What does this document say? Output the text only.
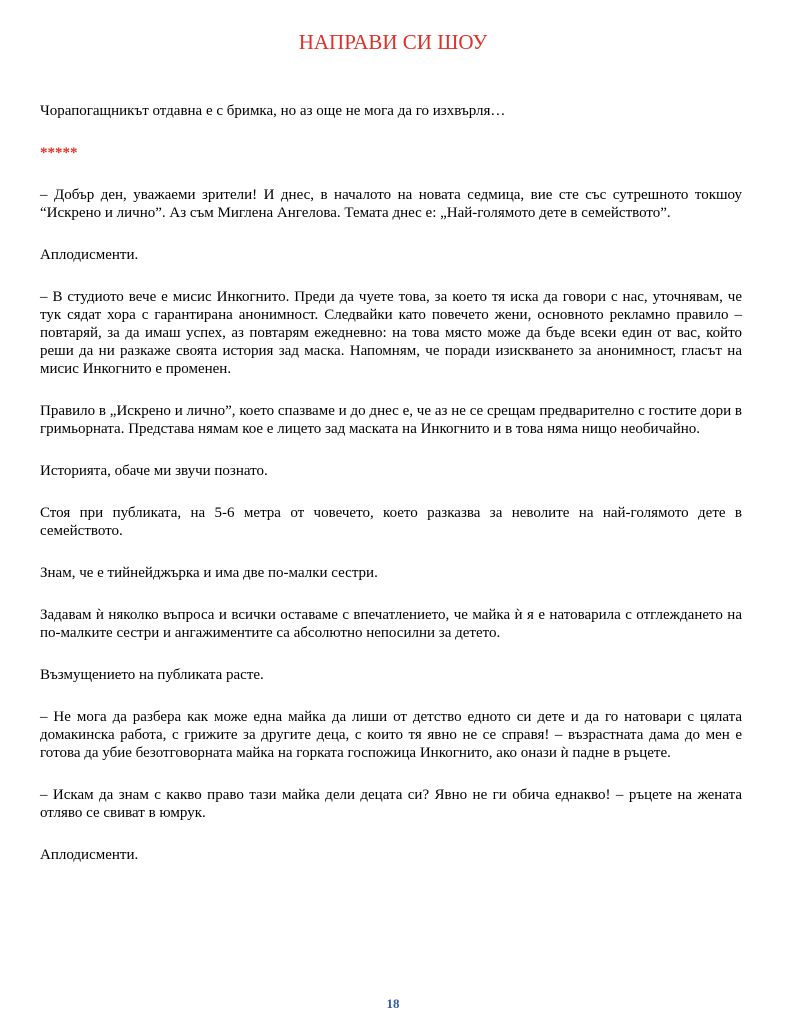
НАПРАВИ СИ ШОУ

Чорапогащникът отдавна е с бримка, но аз още не мога да го изхвърля…

*****

– Добър ден, уважаеми зрители! И днес, в началото на новата седмица, вие сте със сутрешното токшоу “Искрено и лично”. Аз съм Миглена Ангелова. Темата днес е: „Най-голямото дете в семейството”.

Аплодисменти.

– В студиото вече е мисис Инкогнито. Преди да чуете това, за което тя иска да говори с нас, уточнявам, че тук сядат хора с гарантирана анонимност. Следвайки като повечето жени, основното рекламно правило – повтаряй, за да имаш успех, аз повтарям ежедневно: на това място може да бъде всеки един от вас, който реши да ни разкаже своята история зад маска. Напомням, че поради изискването за анонимност, гласът на мисис Инкогнито е променен.

Правило в „Искрено и лично”, което спазваме и до днес е, че аз не се срещам предварително с гостите дори в гримьорната. Представа нямам кое е лицето зад маската на Инкогнито и в това няма нищо необичайно.

Историята, обаче ми звучи познато.

Стоя при публиката, на 5-6 метра от човечето, което разказва за неволите на най-голямото дете в семейството.

Знам, че е тийнейджърка и има две по-малки сестри.

Задавам ѝ няколко въпроса и всички оставаме с впечатлението, че майка ѝ я е натоварила с отглеждането на по-малките сестри и ангажиментите са абсолютно непосилни за детето.

Възмущението на публиката расте.

– Не мога да разбера как може една майка да лиши от детство едното си дете и да го натовари с цялата домакинска работа, с грижите за другите деца, с които тя явно не се справя! – възрастната дама до мен е готова да убие безотговорната майка на горката госпожица Инкогнито, ако онази ѝ падне в ръцете.

– Искам да знам с какво право тази майка дели децата си? Явно не ги обича еднакво! – ръцете на жената отляво се свиват в юмрук.

Аплодисменти.

18
